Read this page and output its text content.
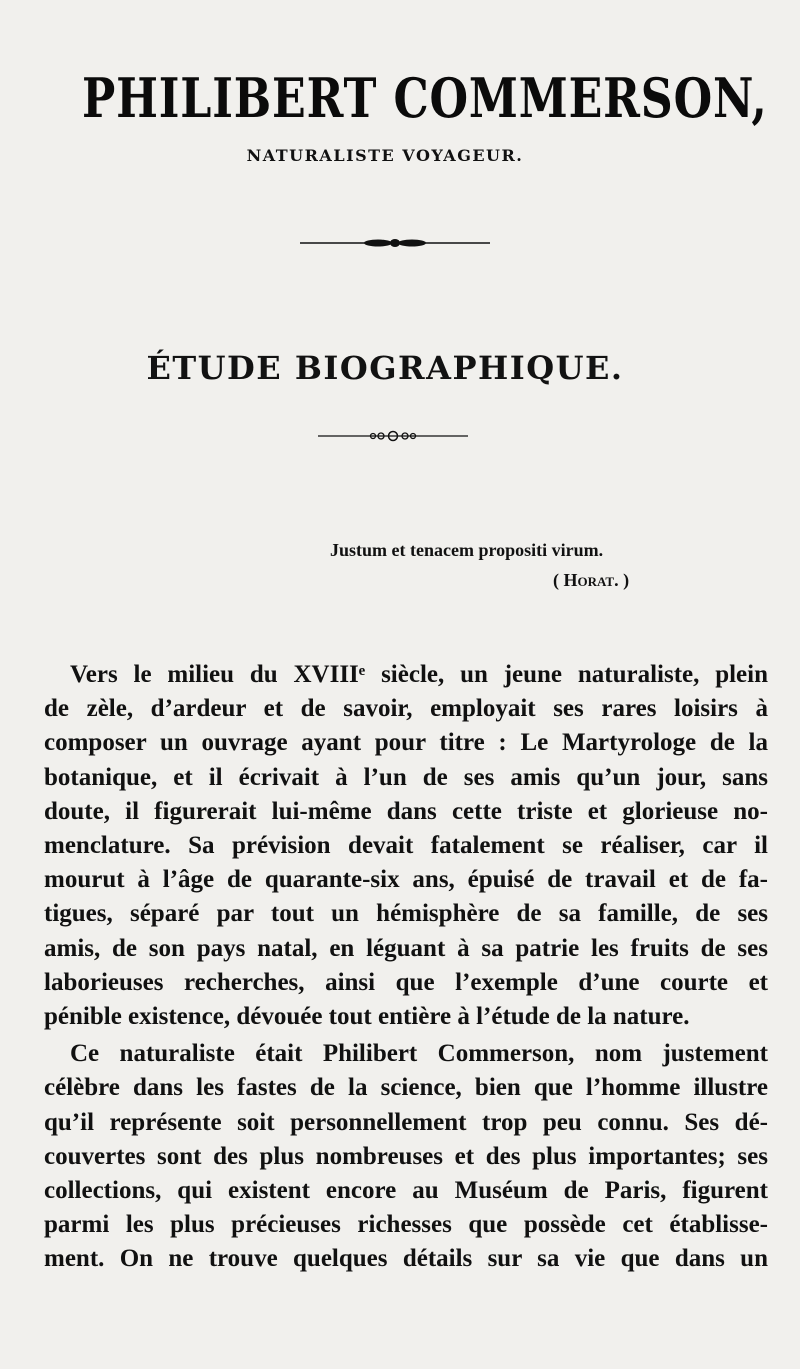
PHILIBERT COMMERSON,
NATURALISTE VOYAGEUR.
ÉTUDE BIOGRAPHIQUE.
Justum et tenacem propositi virum.
( Horat. )
Vers le milieu du XVIIIᵉ siècle, un jeune naturaliste, plein
de zèle, d’ardeur et de savoir, employait ses rares loisirs à
composer un ouvrage ayant pour titre : Le Martyrologe de la
botanique, et il écrivait à l’un de ses amis qu’un jour, sans
doute, il figurerait lui-même dans cette triste et glorieuse no-
menclature. Sa prévision devait fatalement se réaliser, car il
mourut à l’âge de quarante-six ans, épuisé de travail et de fa-
tigues, séparé par tout un hémisphère de sa famille, de ses
amis, de son pays natal, en léguant à sa patrie les fruits de ses
laborieuses recherches, ainsi que l’exemple d’une courte et
pénible existence, dévouée tout entière à l’étude de la nature.
Ce naturaliste était Philibert Commerson, nom justement
célèbre dans les fastes de la science, bien que l’homme illustre
qu’il représente soit personnellement trop peu connu. Ses dé-
couvertes sont des plus nombreuses et des plus importantes; ses
collections, qui existent encore au Muséum de Paris, figurent
parmi les plus précieuses richesses que possède cet établisse-
ment. On ne trouve quelques détails sur sa vie que dans un
